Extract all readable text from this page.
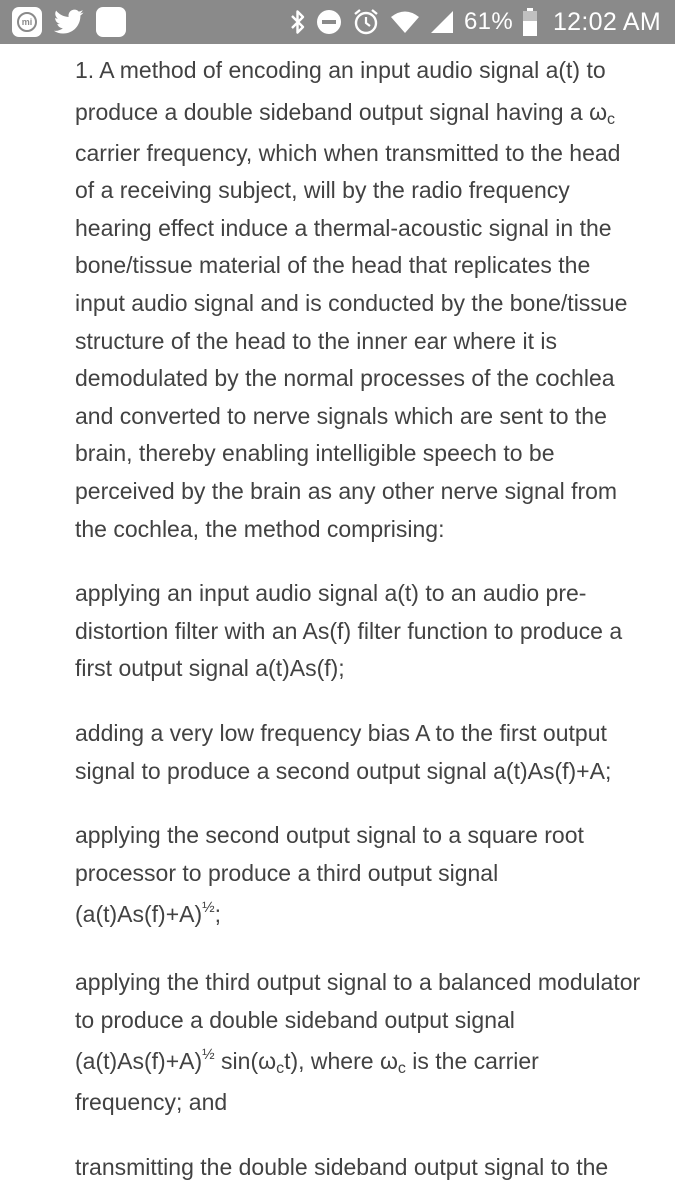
mi	61% 12:02 AM
1. A method of encoding an input audio signal a(t) to
produce a double sideband output signal having a $\omega_c$
carrier frequency, which when transmitted to the head
of a receiving subject, will by the radio frequency
hearing effect induce a thermal-acoustic signal in the
bone/tissue material of the head that replicates the
input audio signal and is conducted by the bone/tissue
structure of the head to the inner ear where it is
demodulated by the normal processes of the cochlea
and converted to nerve signals which are sent to the
brain, thereby enabling intelligible speech to be
perceived by the brain as any other nerve signal from
the cochlea, the method comprising:
applying an input audio signal a(t) to an audio pre-
distortion filter with an As(f) filter function to produce a
first output signal a(t)As(f);
adding a very low frequency bias A to the first output
signal to produce a second output signal a(t)As(f)+A;
applying the second output signal to a square root
processor to produce a third output signal
$(a(t)As(f)+A)^{\frac{1}{2}}$;
applying the third output signal to a balanced modulator
to produce a double sideband output signal
$(a(t)As(f)+A)^{\frac{1}{2}}$ $\sin(\omega_ct)$, where $\omega_c$ is the carrier
frequency; and
transmitting the double sideband output signal to the
